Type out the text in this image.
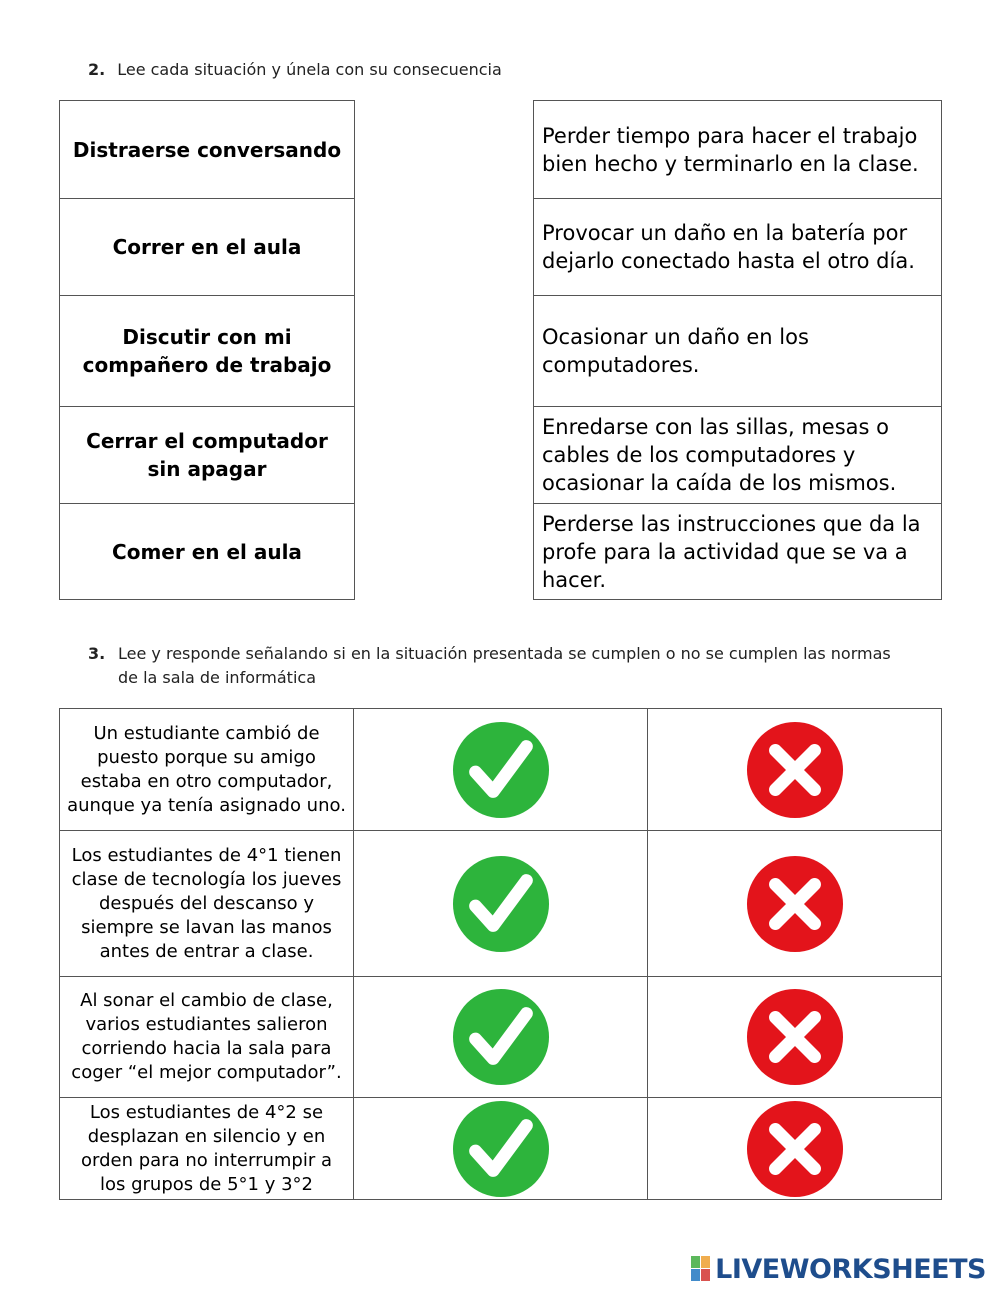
2. Lee cada situación y únela con su consecuencia
Distraerse conversando
Correr en el aula
Discutir con mi compañero de trabajo
Cerrar el computador sin apagar
Comer en el aula
Perder tiempo para hacer el trabajo bien hecho y terminarlo en la clase.
Provocar un daño en la batería por dejarlo conectado hasta el otro día.
Ocasionar un daño en los computadores.
Enredarse con las sillas, mesas o cables de los computadores y ocasionar la caída de los mismos.
Perderse las instrucciones que da la profe para la actividad que se va a hacer.
3. Lee y responde señalando si en la situación presentada se cumplen o no se cumplen las normas de la sala de informática
Un estudiante cambió de puesto porque su amigo estaba en otro computador, aunque ya tenía asignado uno.
Los estudiantes de 4°1 tienen clase de tecnología los jueves después del descanso y siempre se lavan las manos antes de entrar a clase.
Al sonar el cambio de clase, varios estudiantes salieron corriendo hacia la sala para coger “el mejor computador”.
Los estudiantes de 4°2 se desplazan en silencio y en orden para no interrumpir a los grupos de 5°1 y 3°2
LIVEWORKSHEETS
